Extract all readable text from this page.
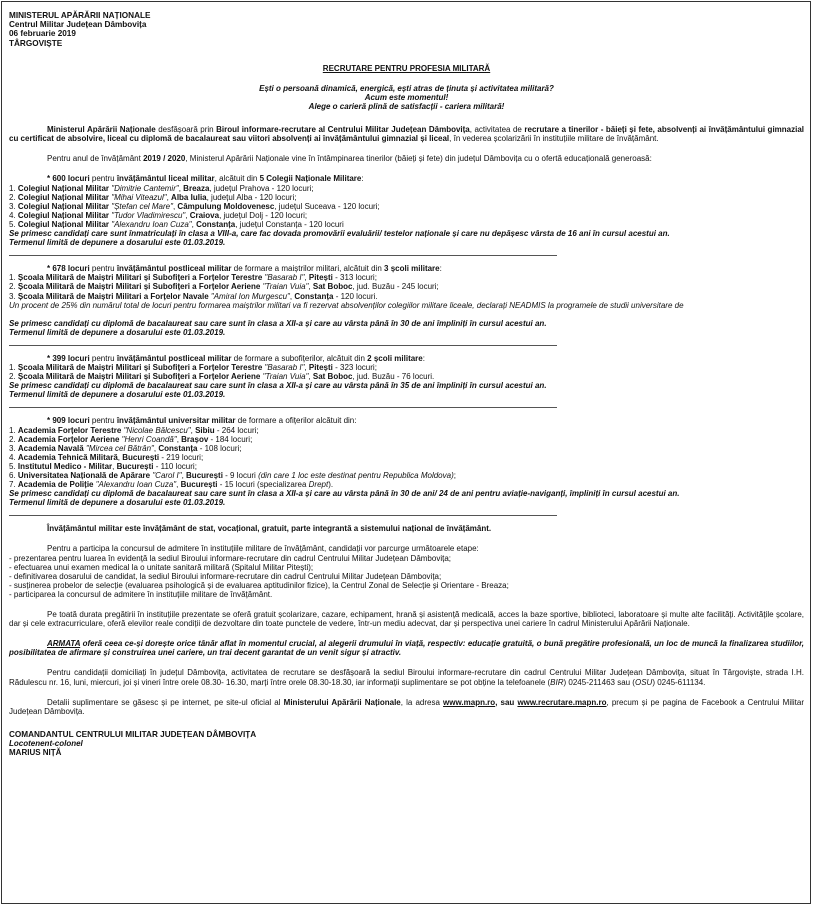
MINISTERUL APĂRĂRII NAȚIONALE
Centrul Militar Județean Dâmbovița
06 februarie 2019
TÂRGOVIȘTE
RECRUTARE PENTRU PROFESIA MILITARĂ
Ești o persoană dinamică, energică, ești atras de ținuta și activitatea militară?
Acum este momentul!
Alege o carieră plină de satisfacții - cariera militară!
Ministerul Apărării Naționale desfășoară prin Biroul informare-recrutare al Centrului Militar Județean Dâmbovița, activitatea de recrutare a tinerilor - băieți și fete, absolvenți ai învățământului gimnazial cu certificat de absolvire, liceal cu diplomă de bacalaureat sau viitori absolvenți ai învățământului gimnazial și liceal, în vederea școlarizării în instituțiile militare de învățământ.
Pentru anul de învățământ 2019 / 2020, Ministerul Apărării Naționale vine în întâmpinarea tinerilor (băieți și fete) din județul Dâmbovița cu o ofertă educațională generoasă:
* 600 locuri pentru învățământul liceal militar, alcătuit din 5 Colegii Naționale Militare:
1. Colegiul Național Militar "Dimitrie Cantemir", Breaza, județul Prahova - 120 locuri;
2. Colegiul Național Militar "Mihai Viteazul", Alba Iulia, județul Alba - 120 locuri;
3. Colegiul Național Militar "Ștefan cel Mare", Câmpulung Moldovenesc, județul Suceava - 120 locuri;
4. Colegiul Național Militar "Tudor Vladimirescu", Craiova, județul Dolj - 120 locuri;
5. Colegiul Național Militar "Alexandru Ioan Cuza", Constanța, județul Constanța - 120 locuri
Se primesc candidați care sunt înmatriculați în clasa a VIII-a, care fac dovada promovării evaluării/ testelor naționale și care nu depășesc vârsta de 16 ani în cursul acestui an.
Termenul limită de depunere a dosarului este 01.03.2019.
* 678 locuri pentru învățământul postliceal militar de formare a maiștrilor militari, alcătuit din 3 școli militare:
1. Școala Militară de Maiștri Militari și Subofițeri a Forțelor Terestre "Basarab I", Pitești - 313 locuri;
2. Școala Militară de Maiștri Militari și Subofițeri a Forțelor Aeriene "Traian Vuia", Sat Boboc, jud. Buzău - 245 locuri;
3. Școala Militară de Maiștri Militari a Forțelor Navale "Amiral Ion Murgescu", Constanța - 120 locuri.
Un procent de 25% din numărul total de locuri pentru formarea maiștrilor militari va fi rezervat absolvenților colegiilor militare liceale, declarați NEADMIS la programele de studii universitare de
Se primesc candidați cu diplomă de bacalaureat sau care sunt în clasa a XII-a și care au vârsta până în 30 de ani împliniți în cursul acestui an.
Termenul limită de depunere a dosarului este 01.03.2019.
* 399 locuri pentru învățământul postliceal militar de formare a subofițerilor, alcătuit din 2 școli militare:
1. Școala Militară de Maiștri Militari și Subofițeri a Forțelor Terestre "Basarab I", Pitești - 323 locuri;
2. Școala Militară de Maiștri Militari și Subofițeri a Forțelor Aeriene "Traian Vuia", Sat Boboc, jud. Buzău - 76 locuri.
Se primesc candidați cu diplomă de bacalaureat sau care sunt în clasa a XII-a și care au vârsta până în 35 de ani împliniți în cursul acestui an.
Termenul limită de depunere a dosarului este 01.03.2019.
* 909 locuri pentru învățământul universitar militar de formare a ofițerilor alcătuit din:
1. Academia Forțelor Terestre "Nicolae Bălcescu", Sibiu - 264 locuri;
2. Academia Forțelor Aeriene "Henri Coandă", Brașov - 184 locuri;
3. Academia Navală "Mircea cel Bătrân", Constanța - 108 locuri;
4. Academia Tehnică Militară, București - 219 locuri;
5. Institutul Medico - Militar, București - 110 locuri;
6. Universitatea Națională de Apărare "Carol I", București - 9 locuri (din care 1 loc este destinat pentru Republica Moldova);
7. Academia de Poliție "Alexandru Ioan Cuza", București - 15 locuri (specializarea Drept).
Se primesc candidați cu diplomă de bacalaureat sau care sunt în clasa a XII-a și care au vârsta până în 30 de ani/ 24 de ani pentru aviație-naviganți, împliniți în cursul acestui an.
Termenul limită de depunere a dosarului este 01.03.2019.
Învățământul militar este învățământ de stat, vocațional, gratuit, parte integrantă a sistemului național de învățământ.
Pentru a participa la concursul de admitere în instituțiile militare de învățământ, candidații vor parcurge următoarele etape:
- prezentarea pentru luarea în evidență la sediul Biroului informare-recrutare din cadrul Centrului Militar Județean Dâmbovița;
- efectuarea unui examen medical la o unitate sanitară militară (Spitalul Militar Pitești);
- definitivarea dosarului de candidat, la sediul Biroului informare-recrutare din cadrul Centrului Militar Județean Dâmbovița;
- susținerea probelor de selecție (evaluarea psihologică și de evaluarea aptitudinilor fizice), la Centrul Zonal de Selecție și Orientare - Breaza;
- participarea la concursul de admitere în instituțiile militare de învățământ.
Pe toată durata pregătirii în instituțiile prezentate se oferă gratuit școlarizare, cazare, echipament, hrană și asistență medicală, acces la baze sportive, biblioteci, laboratoare și multe alte facilități. Activitățile școlare, dar și cele extracurriculare, oferă elevilor reale condiții de dezvoltare din toate punctele de vedere, într-un mediu adecvat, dar și perspectiva unei cariere în cadrul Ministerului Apărării Naționale.
ARMATA oferă ceea ce-și dorește orice tânăr aflat în momentul crucial, al alegerii drumului în viață, respectiv: educație gratuită, o bună pregătire profesională, un loc de muncă la finalizarea studiilor, posibilitatea de afirmare și construirea unei cariere, un trai decent garantat de un venit sigur și atractiv.
Pentru candidații domiciliați în județul Dâmbovița, activitatea de recrutare se desfășoară la sediul Biroului informare-recrutare din cadrul Centrului Militar Județean Dâmbovița, situat în Târgoviște, strada I.H. Rădulescu nr. 16, luni, miercuri, joi și vineri între orele 08.30- 16.30, marți între orele 08.30-18.30, iar informații suplimentare se pot obține la telefoanele (BIR) 0245-211463 sau (OSU) 0245-611134.
Detalii suplimentare se găsesc și pe internet, pe site-ul oficial al Ministerului Apărării Naționale, la adresa www.mapn.ro, sau www.recrutare.mapn.ro, precum și pe pagina de Facebook a Centrului Militar Județean Dâmbovița.
COMANDANTUL CENTRULUI MILITAR JUDEȚEAN DÂMBOVIȚA
Locotenent-colonel
MARIUS NIȚĂ
